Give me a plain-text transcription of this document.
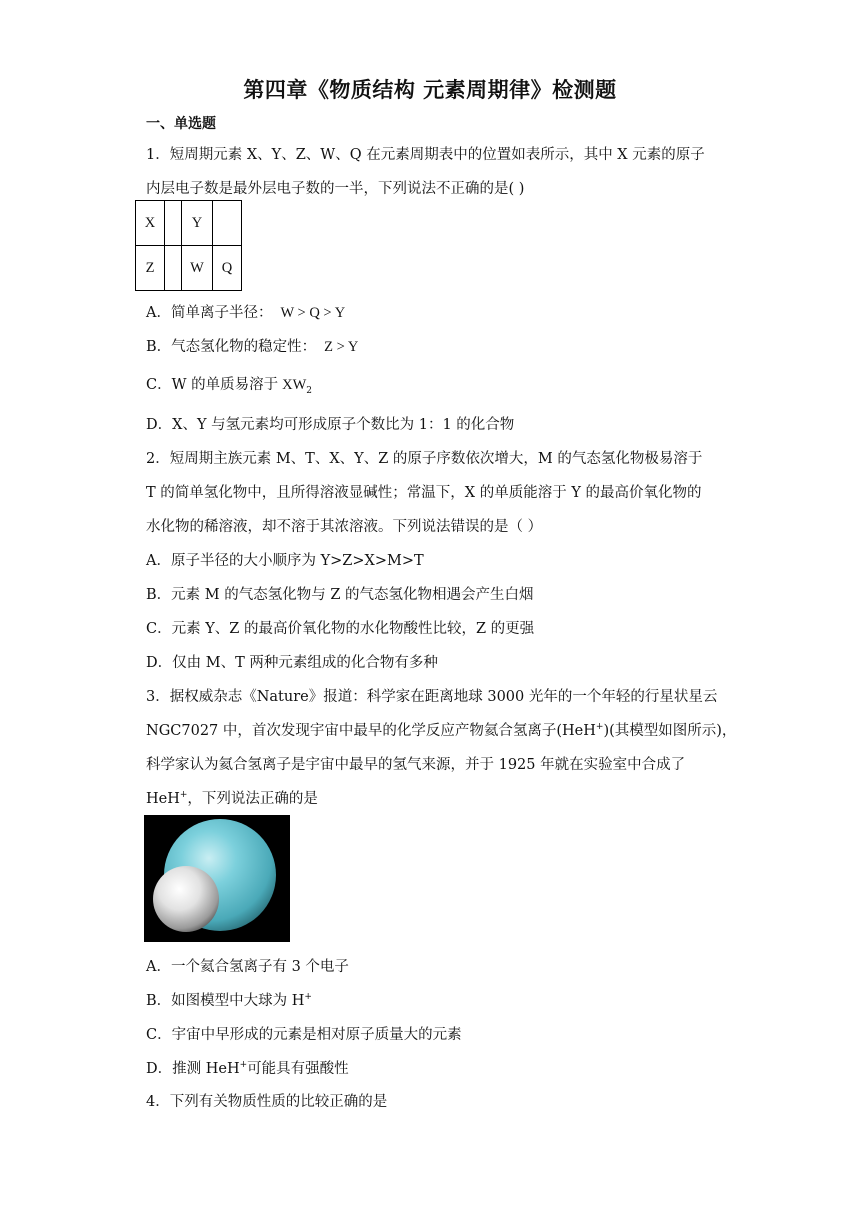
第四章《物质结构 元素周期律》检测题
一、单选题
1．短周期元素 X、Y、Z、W、Q 在元素周期表中的位置如表所示，其中 X 元素的原子
内层电子数是最外层电子数的一半，下列说法不正确的是( )
X		Y	
Z		W	Q
A．简单离子半径： W > Q > Y
B．气态氢化物的稳定性： Z > Y
C．W 的单质易溶于 $XW_2$
D．X、Y 与氢元素均可形成原子个数比为 1：1 的化合物
2．短周期主族元素 M、T、X、Y、Z 的原子序数依次增大，M 的气态氢化物极易溶于
T 的简单氢化物中，且所得溶液显碱性；常温下，X 的单质能溶于 Y 的最高价氧化物的
水化物的稀溶液，却不溶于其浓溶液。下列说法错误的是（ ）
A．原子半径的大小顺序为 Y>Z>X>M>T
B．元素 M 的气态氢化物与 Z 的气态氢化物相遇会产生白烟
C．元素 Y、Z 的最高价氧化物的水化物酸性比较，Z 的更强
D．仅由 M、T 两种元素组成的化合物有多种
3．据权威杂志《Nature》报道：科学家在距离地球 3000 光年的一个年轻的行星状星云
NGC7027 中，首次发现宇宙中最早的化学反应产物氦合氢离子(HeH+)(其模型如图所示)，
科学家认为氦合氢离子是宇宙中最早的氢气来源，并于 1925 年就在实验室中合成了
HeH+，下列说法正确的是
A．一个氦合氢离子有 3 个电子
B．如图模型中大球为 H+
C．宇宙中早形成的元素是相对原子质量大的元素
D．推测 HeH+可能具有强酸性
4．下列有关物质性质的比较正确的是
